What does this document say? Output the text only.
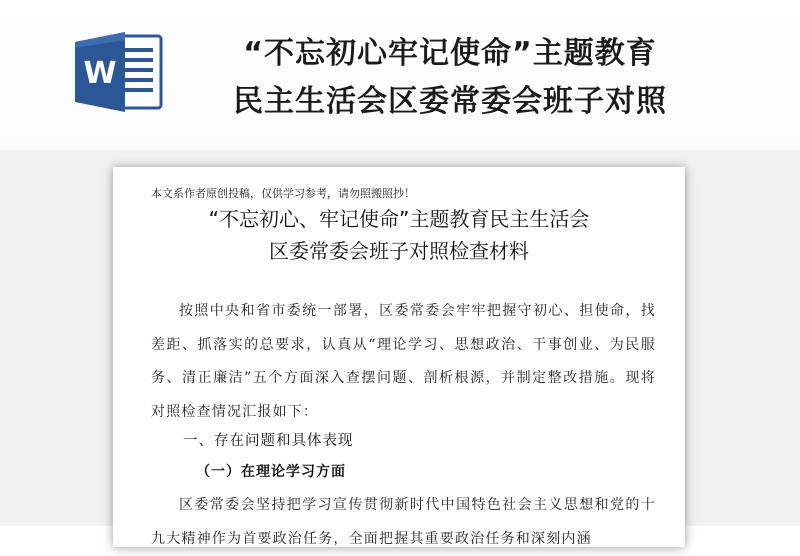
W
“不忘初心牢记使命”主题教育
民主生活会区委常委会班子对照
本文系作者原创投稿，仅供学习参考，请勿照搬照抄！
“不忘初心、牢记使命”主题教育民主生活会
区委常委会班子对照检查材料

按照中央和省市委统一部署，区委常委会牢牢把握守初心、担使命，找差距、抓落实的总要求，认真从“理论学习、思想政治、干事创业、为民服务、清正廉洁”五个方面深入查摆问题、剖析根源，并制定整改措施。现将对照检查情况汇报如下：

一、存在问题和具体表现
（一）在理论学习方面

区委常委会坚持把学习宣传贯彻新时代中国特色社会主义思想和党的十九大精神作为首要政治任务，全面把握其重要政治任务和深刻内涵
